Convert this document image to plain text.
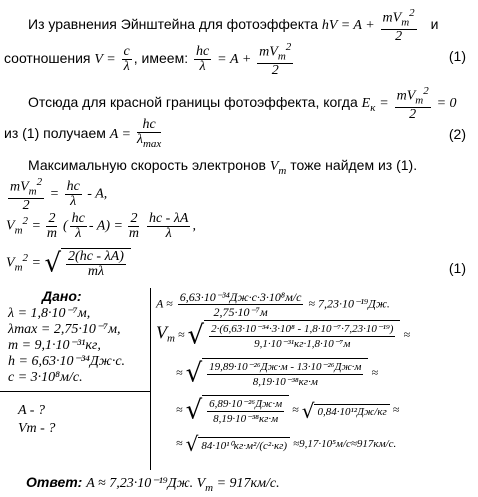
Из уравнения Эйнштейна для фотоэффекта hV = $A + \frac{mV_m^2}{2}$ и
соотношения $V = \frac{c}{\lambda}$ , имеем: $\frac{hc}{\lambda} = A + \frac{mV_m^2}{2}$	(1)
Отсюда для красной границы фотоэффекта, когда $E_к = \frac{mV_m^2}{2} = 0$
из (1) получаем $A = \frac{hc}{\lambda_{max}}$	(2)
Максимальную скорость электронов $V_m$ тоже найдем из (1).
$\frac{mV_m^2}{2} = \frac{hc}{\lambda} - A$,
$V_m^2 = \frac{2}{m}$ ( $\frac{hc}{\lambda} - A) = \frac{2}{m}$
$\frac{hc - \lambda A}{\lambda}$ ,
$V_m^2$ = √ $\frac{2(hc - \lambda A)}{m\lambda}$	(1)
Дано:
λ = 1,8·10⁻⁷м,
λmax = 2,75·10⁻⁷м,
m = 9,1·10⁻³¹кг,
h = 6,63·10⁻³⁴Дж·с.
c = 3·10⁸м/с.
A - ?
Vm - ?
$A \approx \frac{\text{6,63·10⁻³⁴Дж·с·3·10⁸м/с}}{\text{2,75·10⁻⁷м}} \approx 7,23\cdot 10^{-19}Дж$.
$V_m$ ≈ √ $\frac{\text{2·(6,63·10⁻³⁴·3·10⁸ - 1,8·10⁻⁷·7,23·10⁻¹⁹)}}{\text{9,1·10⁻³¹кг·1,8·10⁻⁷м}}$ ≈
≈ √ $\frac{\text{19,89·10⁻²⁶Дж·м - 13·10⁻²⁶Дж·м}}{\text{8,19·10⁻³⁸кг·м}}$ ≈
≈ √ $\frac{\text{6,89·10⁻²⁶Дж·м}}{\text{8,19·10⁻³⁸кг·м}}$ ≈ √ 0,84·10¹²Дж/кг ≈
≈ √ 84·10¹⁰кг·м²/(c²·кг) ≈9,17·10⁵м/с≈917км/с.
Ответ: A ≈ 7,23·10⁻¹⁹Дж. $V_m = 917км/с$.
